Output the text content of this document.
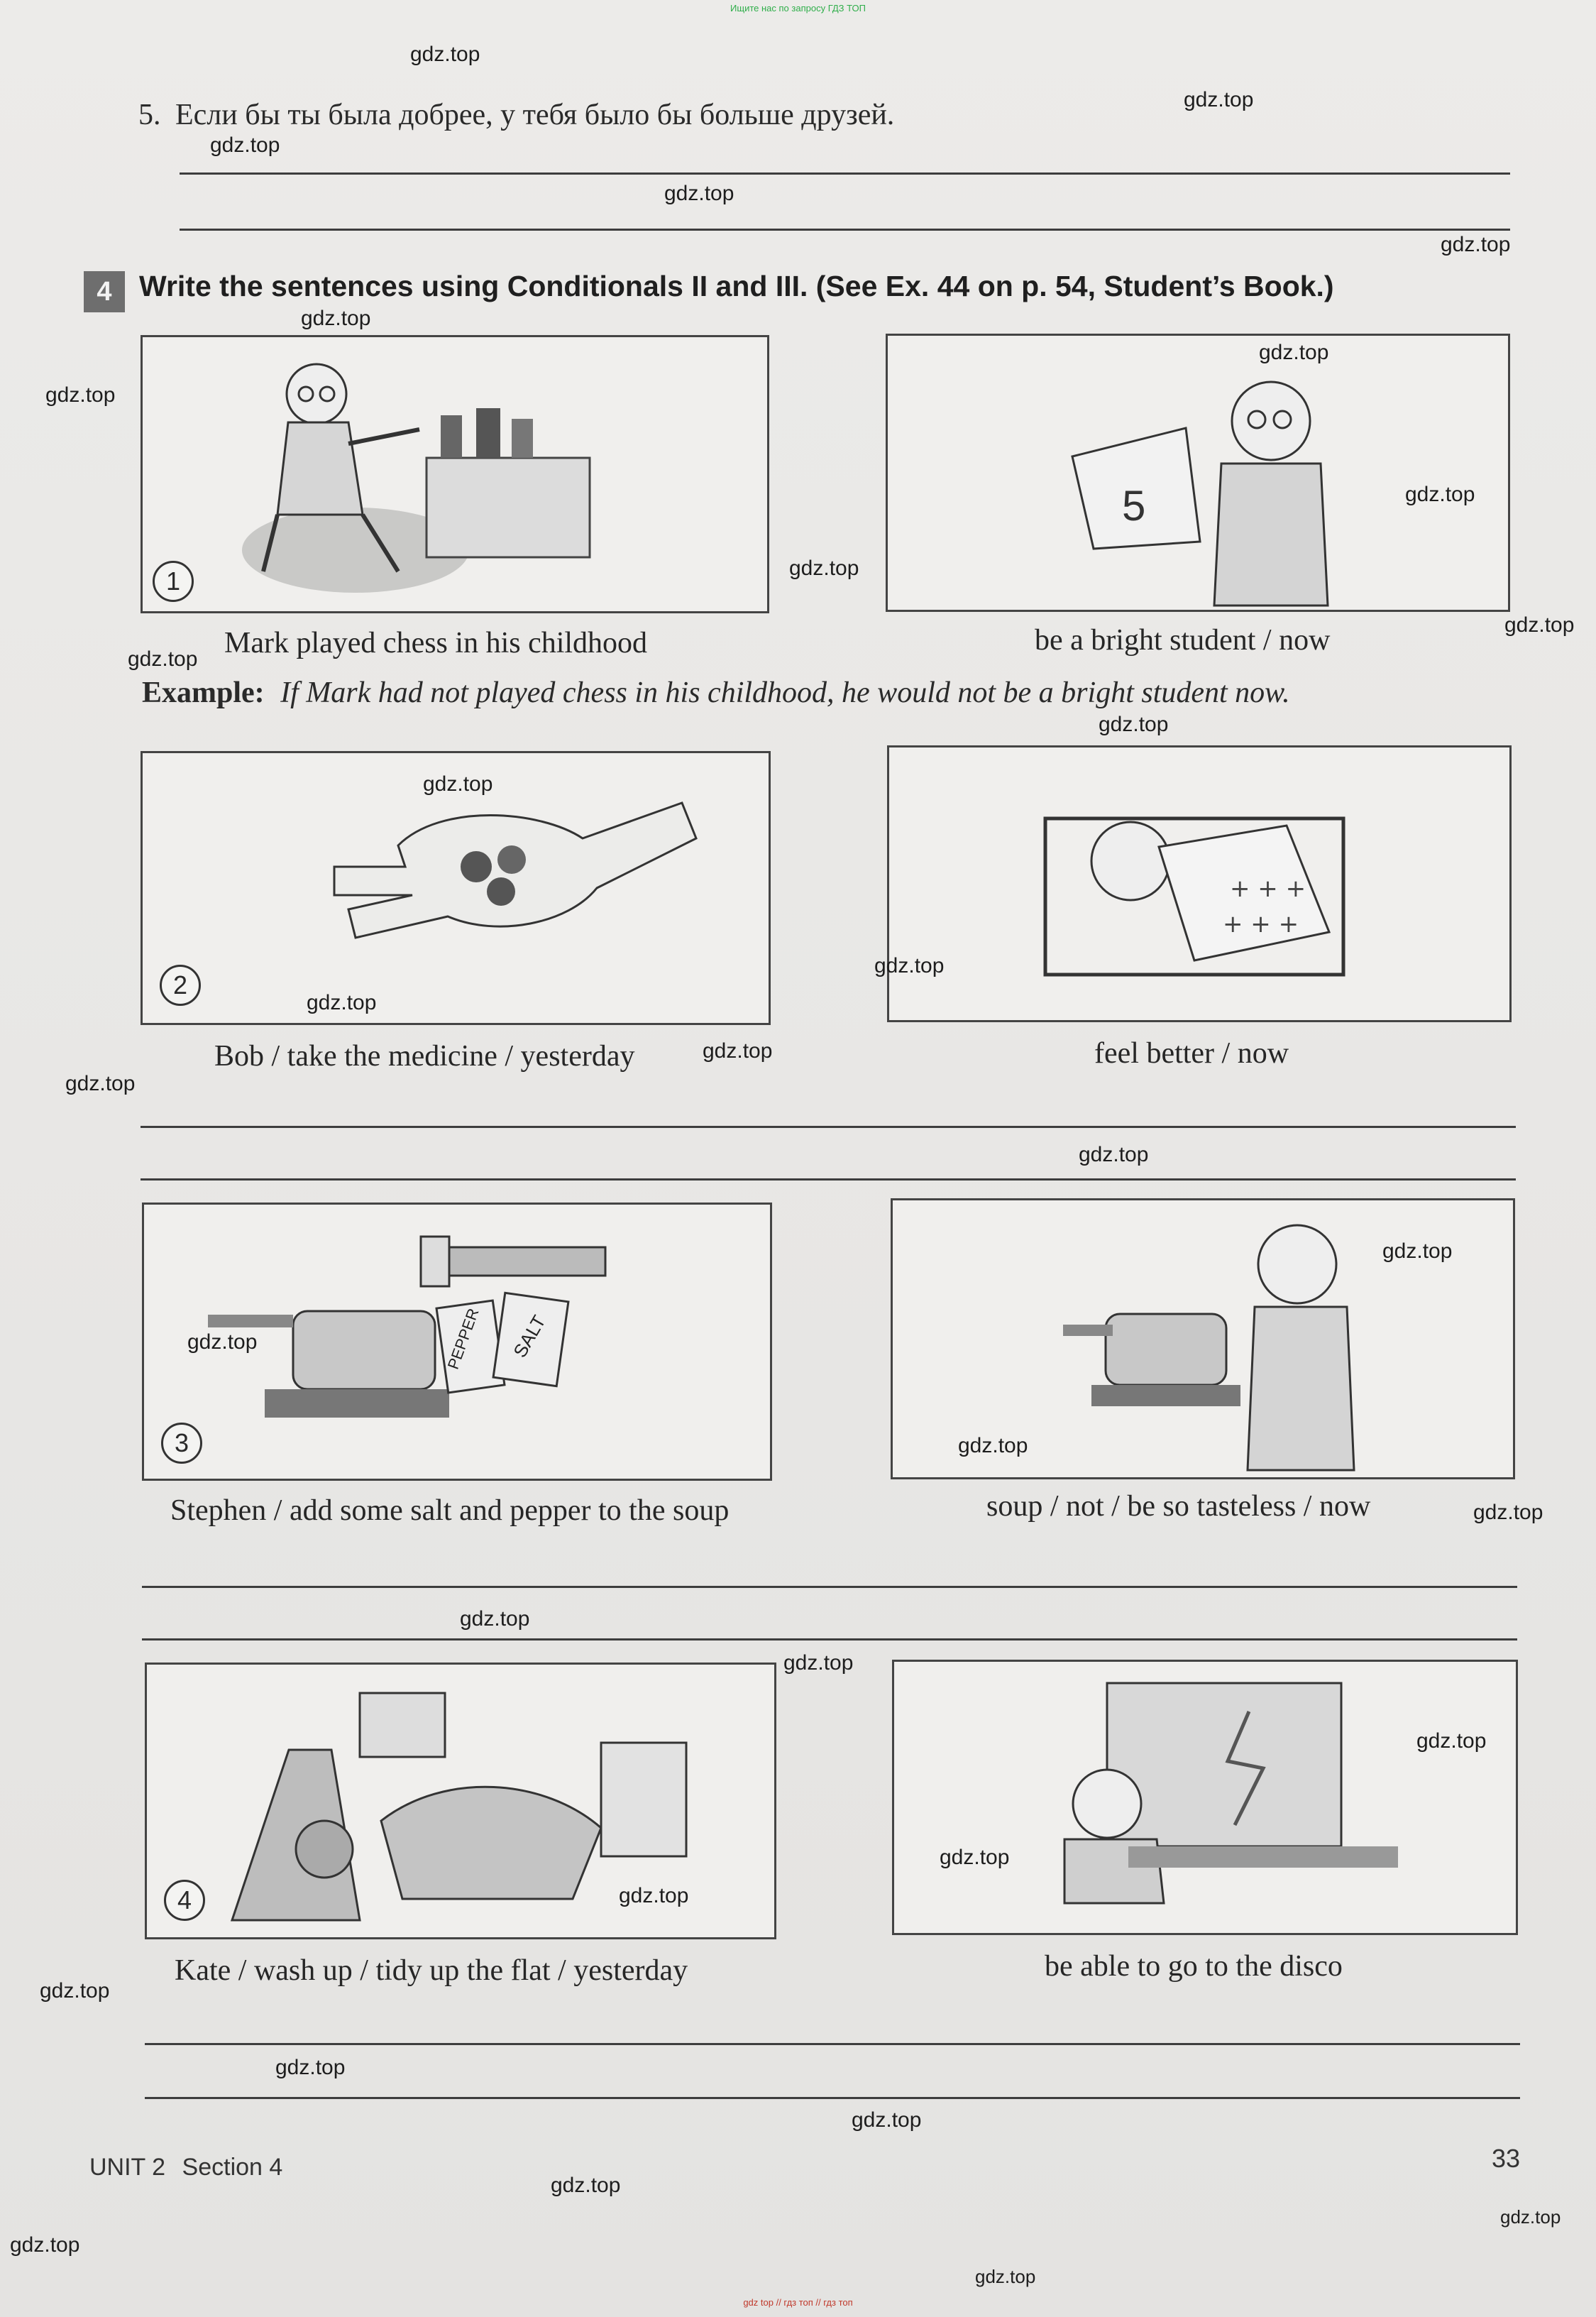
Ищите нас по запросу ГДЗ ТОП
5. Если бы ты была добрее, у тебя было бы больше друзей.
4 Write the sentences using Conditionals II and III. (See Ex. 44 on p. 54, Student’s Book.)
1
5
Mark played chess in his childhood	be a bright student / now
Example: If Mark had not played chess in his childhood, he would not be a bright student now.
2
+ + +
+ + +
Bob / take the medicine / yesterday	feel better / now
PEPPER SALT
3
Stephen / add some salt and pepper to the soup	soup / not / be so tasteless / now
4
Kate / wash up / tidy up the flat / yesterday	be able to go to the disco
UNIT 2 Section 4	33
gdz.top
gdz.top
gdz.top
gdz.top
gdz.top
gdz.top
gdz.top
gdz.top
gdz.top
gdz.top
gdz.top
gdz.top
gdz.top
gdz.top
gdz.top
gdz.top
gdz.top
gdz.top
gdz.top
gdz.top
gdz.top
gdz.top
gdz.top
gdz.top
gdz.top
gdz.top
gdz.top
gdz.top
gdz.top
gdz.top
gdz.top
gdz.top
gdz.top
gdz.top
gdz.top
gdz top // гдз топ // гдз топ
